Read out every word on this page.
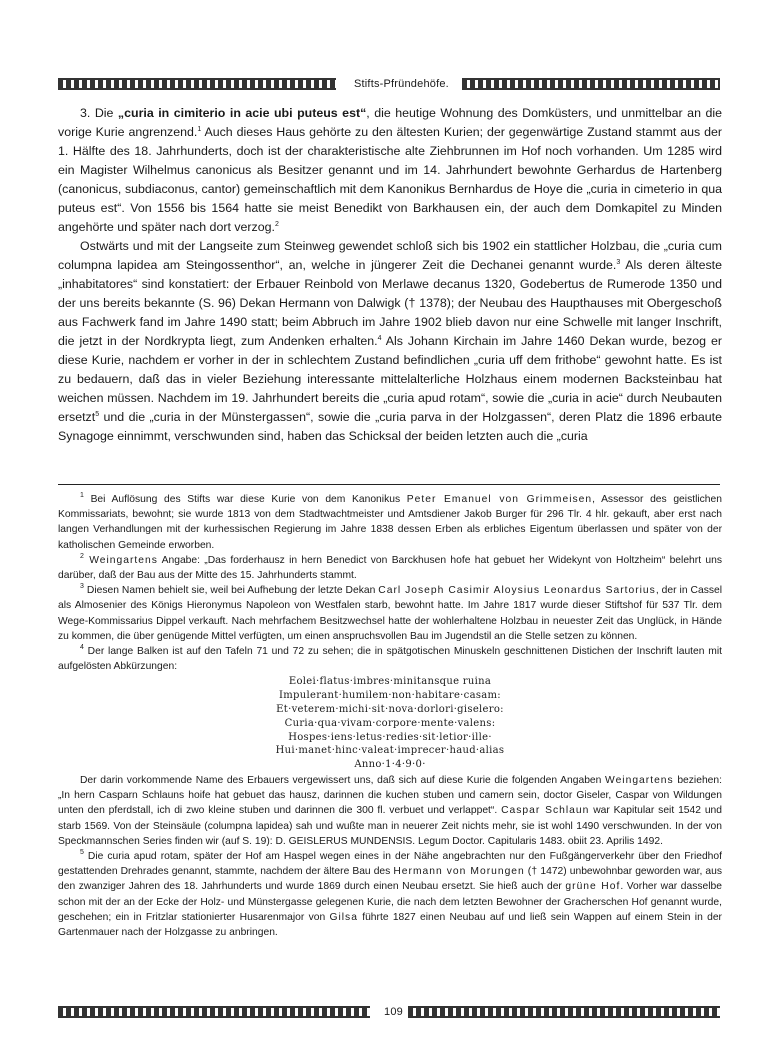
Stifts-Pfründehöfe.

3. Die „curia in cimiterio in acie ubi puteus est“, die heutige Wohnung des Domküsters, und unmittelbar an die vorige Kurie angrenzend.$^1$ Auch dieses Haus gehörte zu den ältesten Kurien; der gegenwärtige Zustand stammt aus der 1. Hälfte des 18. Jahrhunderts, doch ist der charakteristische alte Ziehbrunnen im Hof noch vorhanden. Um 1285 wird ein Magister Wilhelmus canonicus als Besitzer genannt und im 14. Jahrhundert bewohnte Gerhardus de Hartenberg (canonicus, subdiaconus, cantor) gemeinschaftlich mit dem Kanonikus Bernhardus de Hoye die „curia in cimeterio in qua puteus est“. Von 1556 bis 1564 hatte sie meist Benedikt von Barkhausen ein, der auch dem Domkapitel zu Minden angehörte und später nach dort verzog.$^2$

Ostwärts und mit der Langseite zum Steinweg gewendet schloß sich bis 1902 ein stattlicher Holzbau, die „curia cum columpna lapidea am Steingossenthor“, an, welche in jüngerer Zeit die Dechanei genannt wurde.$^3$ Als deren älteste „inhabitatores“ sind konstatiert: der Erbauer Reinbold von Merlawe decanus 1320, Godebertus de Rumerode 1350 und der uns bereits bekannte (S. 96) Dekan Hermann von Dalwigk († 1378); der Neubau des Haupthauses mit Obergeschoß aus Fachwerk fand im Jahre 1490 statt; beim Abbruch im Jahre 1902 blieb davon nur eine Schwelle mit langer Inschrift, die jetzt in der Nordkrypta liegt, zum Andenken erhalten.$^4$ Als Johann Kirchain im Jahre 1460 Dekan wurde, bezog er diese Kurie, nachdem er vorher in der in schlechtem Zustand befindlichen „curia uff dem frithobe“ gewohnt hatte. Es ist zu bedauern, daß das in vieler Beziehung interessante mittelalterliche Holzhaus einem modernen Backsteinbau hat weichen müssen. Nachdem im 19. Jahrhundert bereits die „curia apud rotam“, sowie die „curia in acie“ durch Neubauten ersetzt$^5$ und die „curia in der Münstergassen“, sowie die „curia parva in der Holzgassen“, deren Platz die 1896 erbaute Synagoge einnimmt, verschwunden sind, haben das Schicksal der beiden letzten auch die „curia

$^1$ Bei Auflösung des Stifts war diese Kurie von dem Kanonikus Peter Emanuel von Grimmeisen, Assessor des geistlichen Kommissariats, bewohnt; sie wurde 1813 von dem Stadtwachtmeister und Amtsdiener Jakob Burger für 296 Tlr. 4 hlr. gekauft, aber erst nach langen Verhandlungen mit der kurhessischen Regierung im Jahre 1838 dessen Erben als erbliches Eigentum überlassen und später von der katholischen Gemeinde erworben.

$^2$ Weingartens Angabe: „Das forderhausz in hern Benedict von Barckhusen hofe hat gebuet her Widekynt von Holtzheim“ belehrt uns darüber, daß der Bau aus der Mitte des 15. Jahrhunderts stammt.

$^3$ Diesen Namen behielt sie, weil bei Aufhebung der letzte Dekan Carl Joseph Casimir Aloysius Leonardus Sartorius, der in Cassel als Almosenier des Königs Hieronymus Napoleon von Westfalen starb, bewohnt hatte. Im Jahre 1817 wurde dieser Stiftshof für 537 Tlr. dem Wege-Kommissarius Dippel verkauft. Nach mehrfachem Besitzwechsel hatte der wohlerhaltene Holzbau in neuester Zeit das Unglück, in Hände zu kommen, die über genügende Mittel verfügten, um einen anspruchsvollen Bau im Jugendstil an die Stelle setzen zu können.

$^4$ Der lange Balken ist auf den Tafeln 71 und 72 zu sehen; die in spätgotischen Minuskeln geschnittenen Distichen der Inschrift lauten mit aufgelösten Abkürzungen:

Eolei·flatus·imbres·minitansque ruina
Impulerant·humilem·non·habitare·casam:
Et·veterem·michi·sit·nova·dorlori·giselero:
Curia·qua·vivam·corpore·mente·valens:
Hospes·iens·letus·redies·sit·letior·ille·
Hui·manet·hinc·valeat·imprecer·haud·alias
Anno·1·4·9·0·

Der darin vorkommende Name des Erbauers vergewissert uns, daß sich auf diese Kurie die folgenden Angaben Weingartens beziehen: „In hern Casparn Schlauns hoife hat gebuet das hausz, darinnen die kuchen stuben und camern sein, doctor Giseler, Caspar von Wildungen unten den pferdstall, ich di zwo kleine stuben und darinnen die 300 fl. verbuet und verlappet“. Caspar Schlaun war Kapitular seit 1542 und starb 1569. Von der Steinsäule (columpna lapidea) sah und wußte man in neuerer Zeit nichts mehr, sie ist wohl 1490 verschwunden. In der von Speckmannschen Series finden wir (auf S. 19): D. GEISLERUS MUNDENSIS. Legum Doctor. Capitularis 1483. obiit 23. Aprilis 1492.

$^5$ Die curia apud rotam, später der Hof am Haspel wegen eines in der Nähe angebrachten nur den Fußgängerverkehr über den Friedhof gestattenden Drehrades genannt, stammte, nachdem der ältere Bau des Hermann von Morungen († 1472) unbewohnbar geworden war, aus den zwanziger Jahren des 18. Jahrhunderts und wurde 1869 durch einen Neubau ersetzt. Sie hieß auch der grüne Hof. Vorher war dasselbe schon mit der an der Ecke der Holz- und Münstergasse gelegenen Kurie, die nach dem letzten Bewohner der Gracherschen Hof genannt wurde, geschehen; ein in Fritzlar stationierter Husarenmajor von Gilsa führte 1827 einen Neubau auf und ließ sein Wappen auf einem Stein in der Gartenmauer nach der Holzgasse zu anbringen.

109
